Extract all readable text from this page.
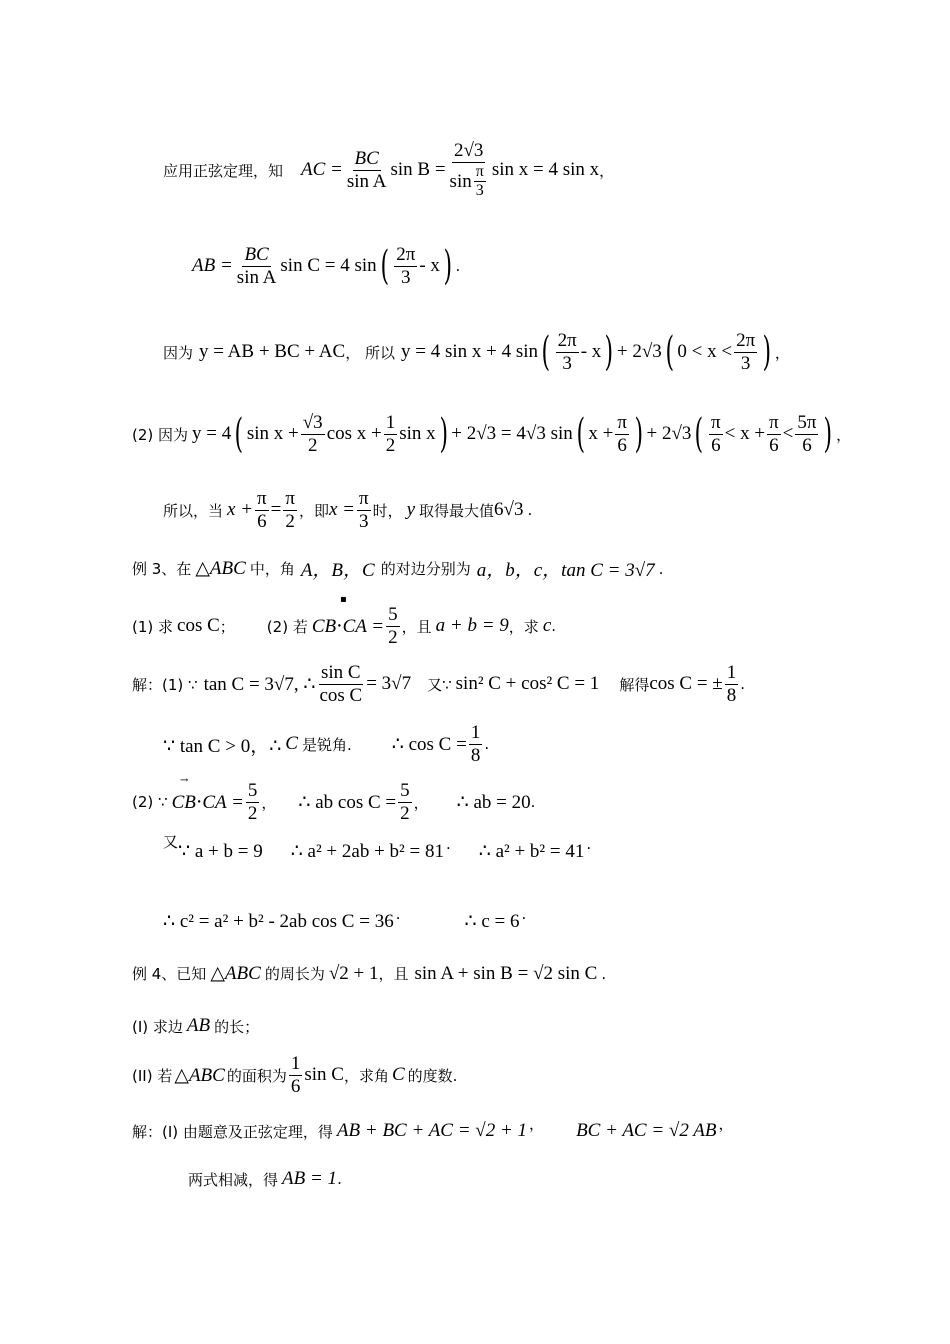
应用正弦定理，知 AC = $\frac{BC}{\text{sin A}}$ $\sin B = \frac{2√3}{\sin \frac{\pi}{3}}$ sin x = 4 sin x ，
AB = $\frac{BC}{\text{sin A}}$ sin C = 4 sin ( $\frac{2\pi}{3}$ - x ) .
因为 y = AB + BC + AC ， 所以 y = 4 sin x + 4 sin ( $\frac{2\pi}{3}$ - x ) + 2√3 ( $0 < x < \frac{2\pi}{3}$ ) ，
(2) 因为 y = 4 ( $\sin x + \frac{√3}{2}$ $\cos x + \frac{1}{2}$ sin x ) + 2√3 = 4√3 sin ( $x + \frac{\pi}{6}$ ) + 2√3 ( $\frac{\pi}{6} < x + \frac{\pi}{6} < \frac{5\pi}{6}$ ) ，
所以，当 $x + \frac{\pi}{6} = \frac{\pi}{2}$ ，即 $x = \frac{\pi}{3}$ 时， y 取得最大值 6√3 .
例 3、在 △ABC 中，角 A，B，C 的对边分别为 a，b，c，tan C = 3√7 .
(1) 求 cos C ； (2) 若 $CB\cdot CA = \frac{5}{2}$ ，且 a + b = 9 ，求 c .
▪
解：(1) ∵ tan C = 3√7, ∴ $\frac{\text{sin C}}{\text{cos C}} = 3√7$ 又∵ sin² C + cos² C = 1 解得 cos C = ± $\frac{1}{8}$ .
∵ tan C > 0，∴ C 是锐角. ∴ $\cos C = \frac{1}{8}$ .
(2) ∵ $CB\cdot CA = \frac{5}{2}$ ， ∴ ab $\cos C = \frac{5}{2}$ ， ∴ ab = 20 .
→
又 ∵ a + b = 9 ∴ a² + 2ab + b² = 81 . ∴ a² + b² = 41 .
∴ c² = a² + b² - 2ab cos C = 36 .	∴ c = 6 .
例 4、已知 △ABC 的周长为 √2 + 1 ，且 sin A + sin B = √2 sin C .
(I) 求边 AB 的长；
(II) 若 △ABC 的面积为 $\frac{1}{6}$ sin C ，求角 C 的度数.
解：(I) 由题意及正弦定理，得 AB + BC + AC = √2 + 1 ， BC + AC = √2 AB ，
两式相减，得 AB = 1 .
